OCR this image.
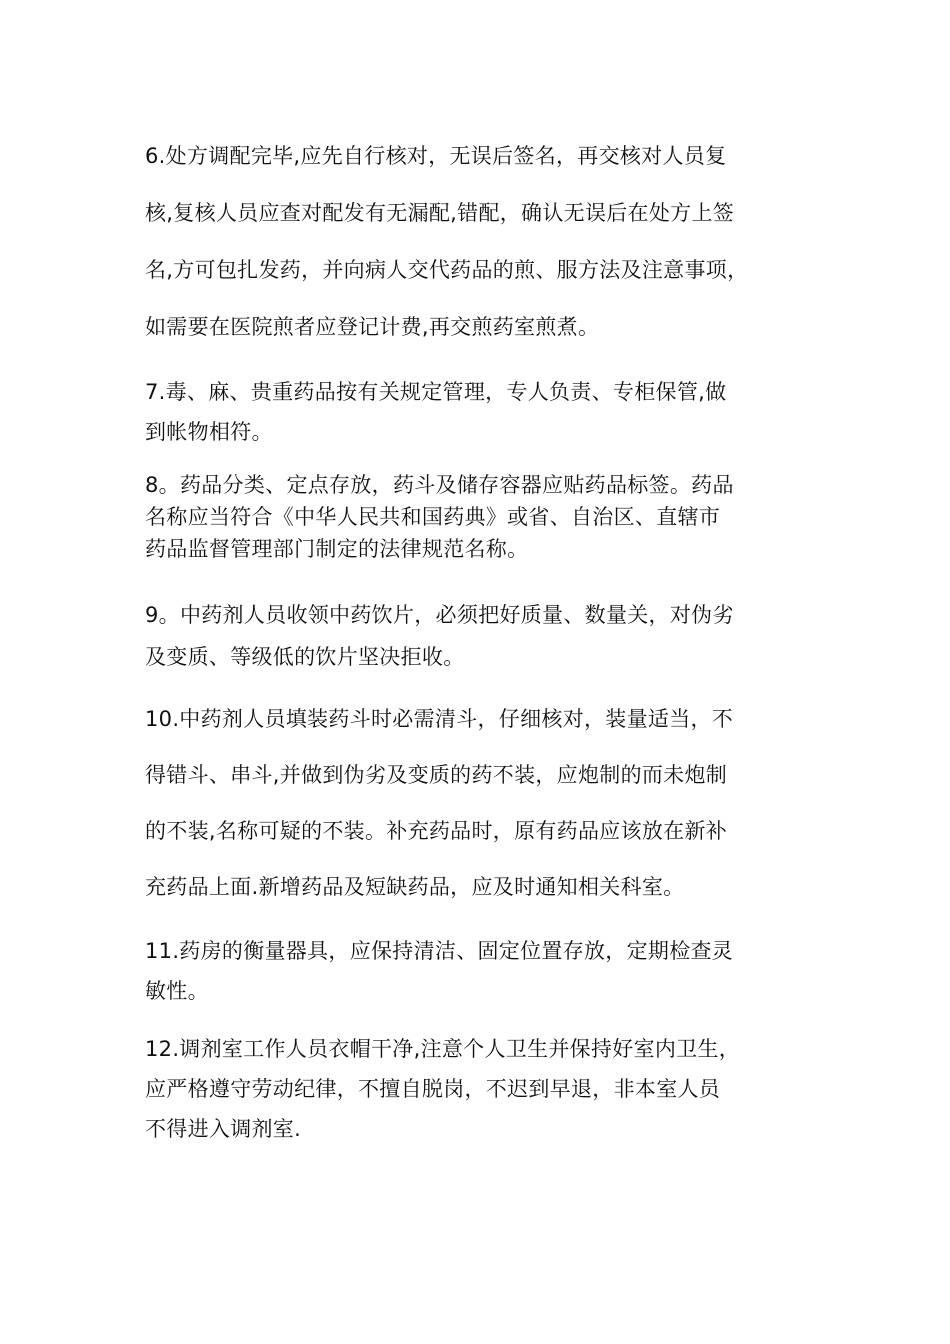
6.处方调配完毕,应先自行核对，无误后签名，再交核对人员复
核,复核人员应查对配发有无漏配,错配，确认无误后在处方上签
名,方可包扎发药，并向病人交代药品的煎、服方法及注意事项，
如需要在医院煎者应登记计费,再交煎药室煎煮。

7.毒、麻、贵重药品按有关规定管理，专人负责、专柜保管,做
到帐物相符。

8。药品分类、定点存放，药斗及储存容器应贴药品标签。药品
名称应当符合《中华人民共和国药典》或省、自治区、直辖市
药品监督管理部门制定的法律规范名称。

9。中药剂人员收领中药饮片，必须把好质量、数量关，对伪劣
及变质、等级低的饮片坚决拒收。

10.中药剂人员填装药斗时必需清斗，仔细核对，装量适当，不
得错斗、串斗,并做到伪劣及变质的药不装，应炮制的而未炮制
的不装,名称可疑的不装。补充药品时，原有药品应该放在新补
充药品上面.新增药品及短缺药品，应及时通知相关科室。

11.药房的衡量器具，应保持清洁、固定位置存放，定期检查灵
敏性。

12.调剂室工作人员衣帽干净,注意个人卫生并保持好室内卫生，
应严格遵守劳动纪律，不擅自脱岗，不迟到早退，非本室人员
不得进入调剂室.
